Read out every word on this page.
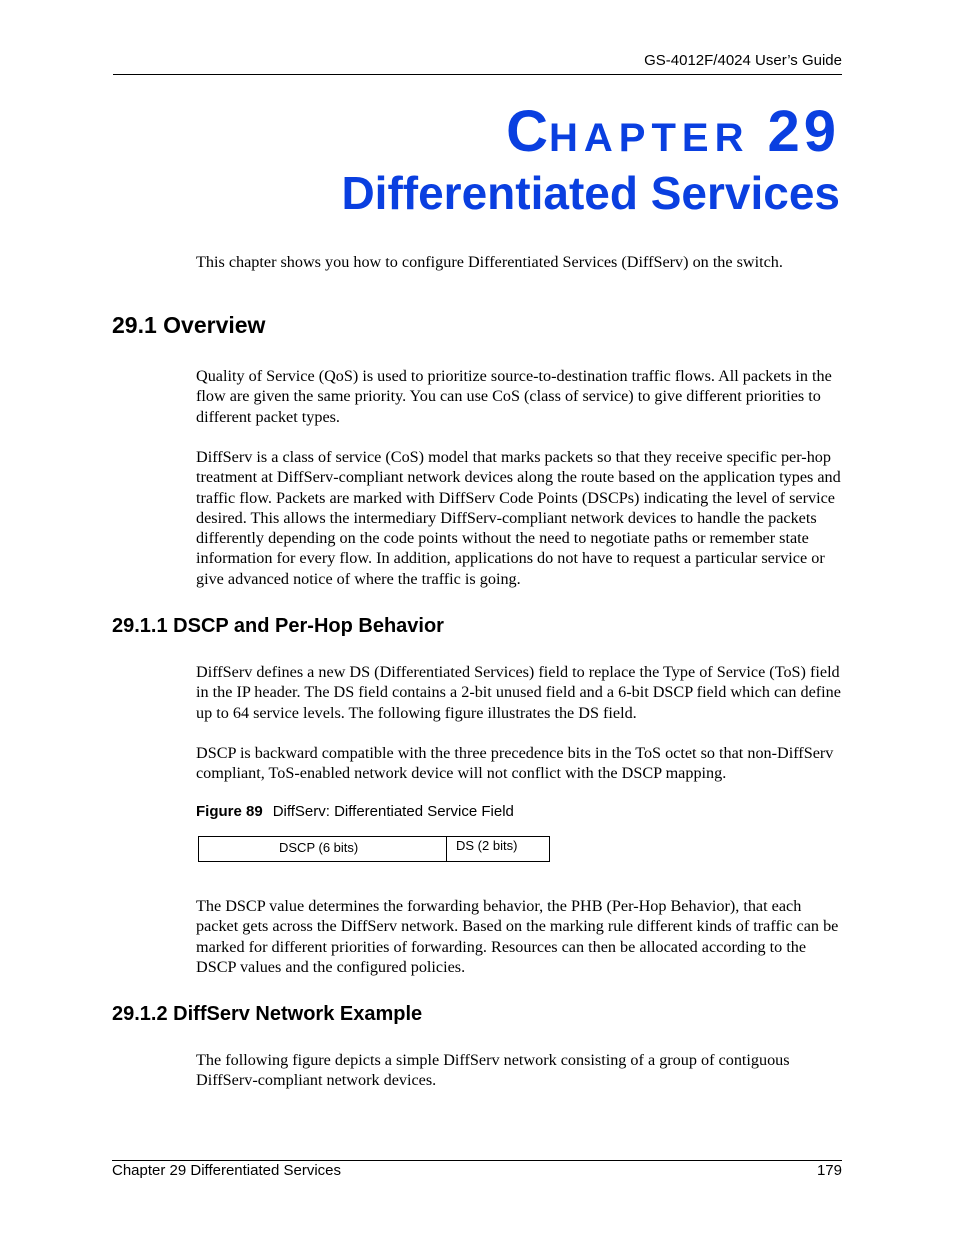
GS-4012F/4024 User’s Guide
CHAPTER 29
Differentiated Services

This chapter shows you how to configure Differentiated Services (DiffServ) on the switch.

29.1 Overview

Quality of Service (QoS) is used to prioritize source-to-destination traffic flows. All packets in the flow are given the same priority. You can use CoS (class of service) to give different priorities to different packet types.

DiffServ is a class of service (CoS) model that marks packets so that they receive specific per-hop treatment at DiffServ-compliant network devices along the route based on the application types and traffic flow. Packets are marked with DiffServ Code Points (DSCPs) indicating the level of service desired. This allows the intermediary DiffServ-compliant network devices to handle the packets differently depending on the code points without the need to negotiate paths or remember state information for every flow. In addition, applications do not have to request a particular service or give advanced notice of where the traffic is going.

29.1.1 DSCP and Per-Hop Behavior

DiffServ defines a new DS (Differentiated Services) field to replace the Type of Service (ToS) field in the IP header. The DS field contains a 2-bit unused field and a 6-bit DSCP field which can define up to 64 service levels. The following figure illustrates the DS field.

DSCP is backward compatible with the three precedence bits in the ToS octet so that non-DiffServ compliant, ToS-enabled network device will not conflict with the DSCP mapping.

Figure 89 DiffServ: Differentiated Service Field
DSCP (6 bits)	DS (2 bits)

The DSCP value determines the forwarding behavior, the PHB (Per-Hop Behavior), that each packet gets across the DiffServ network. Based on the marking rule different kinds of traffic can be marked for different priorities of forwarding. Resources can then be allocated according to the DSCP values and the configured policies.

29.1.2 DiffServ Network Example

The following figure depicts a simple DiffServ network consisting of a group of contiguous DiffServ-compliant network devices.

Chapter 29 Differentiated Services	179
